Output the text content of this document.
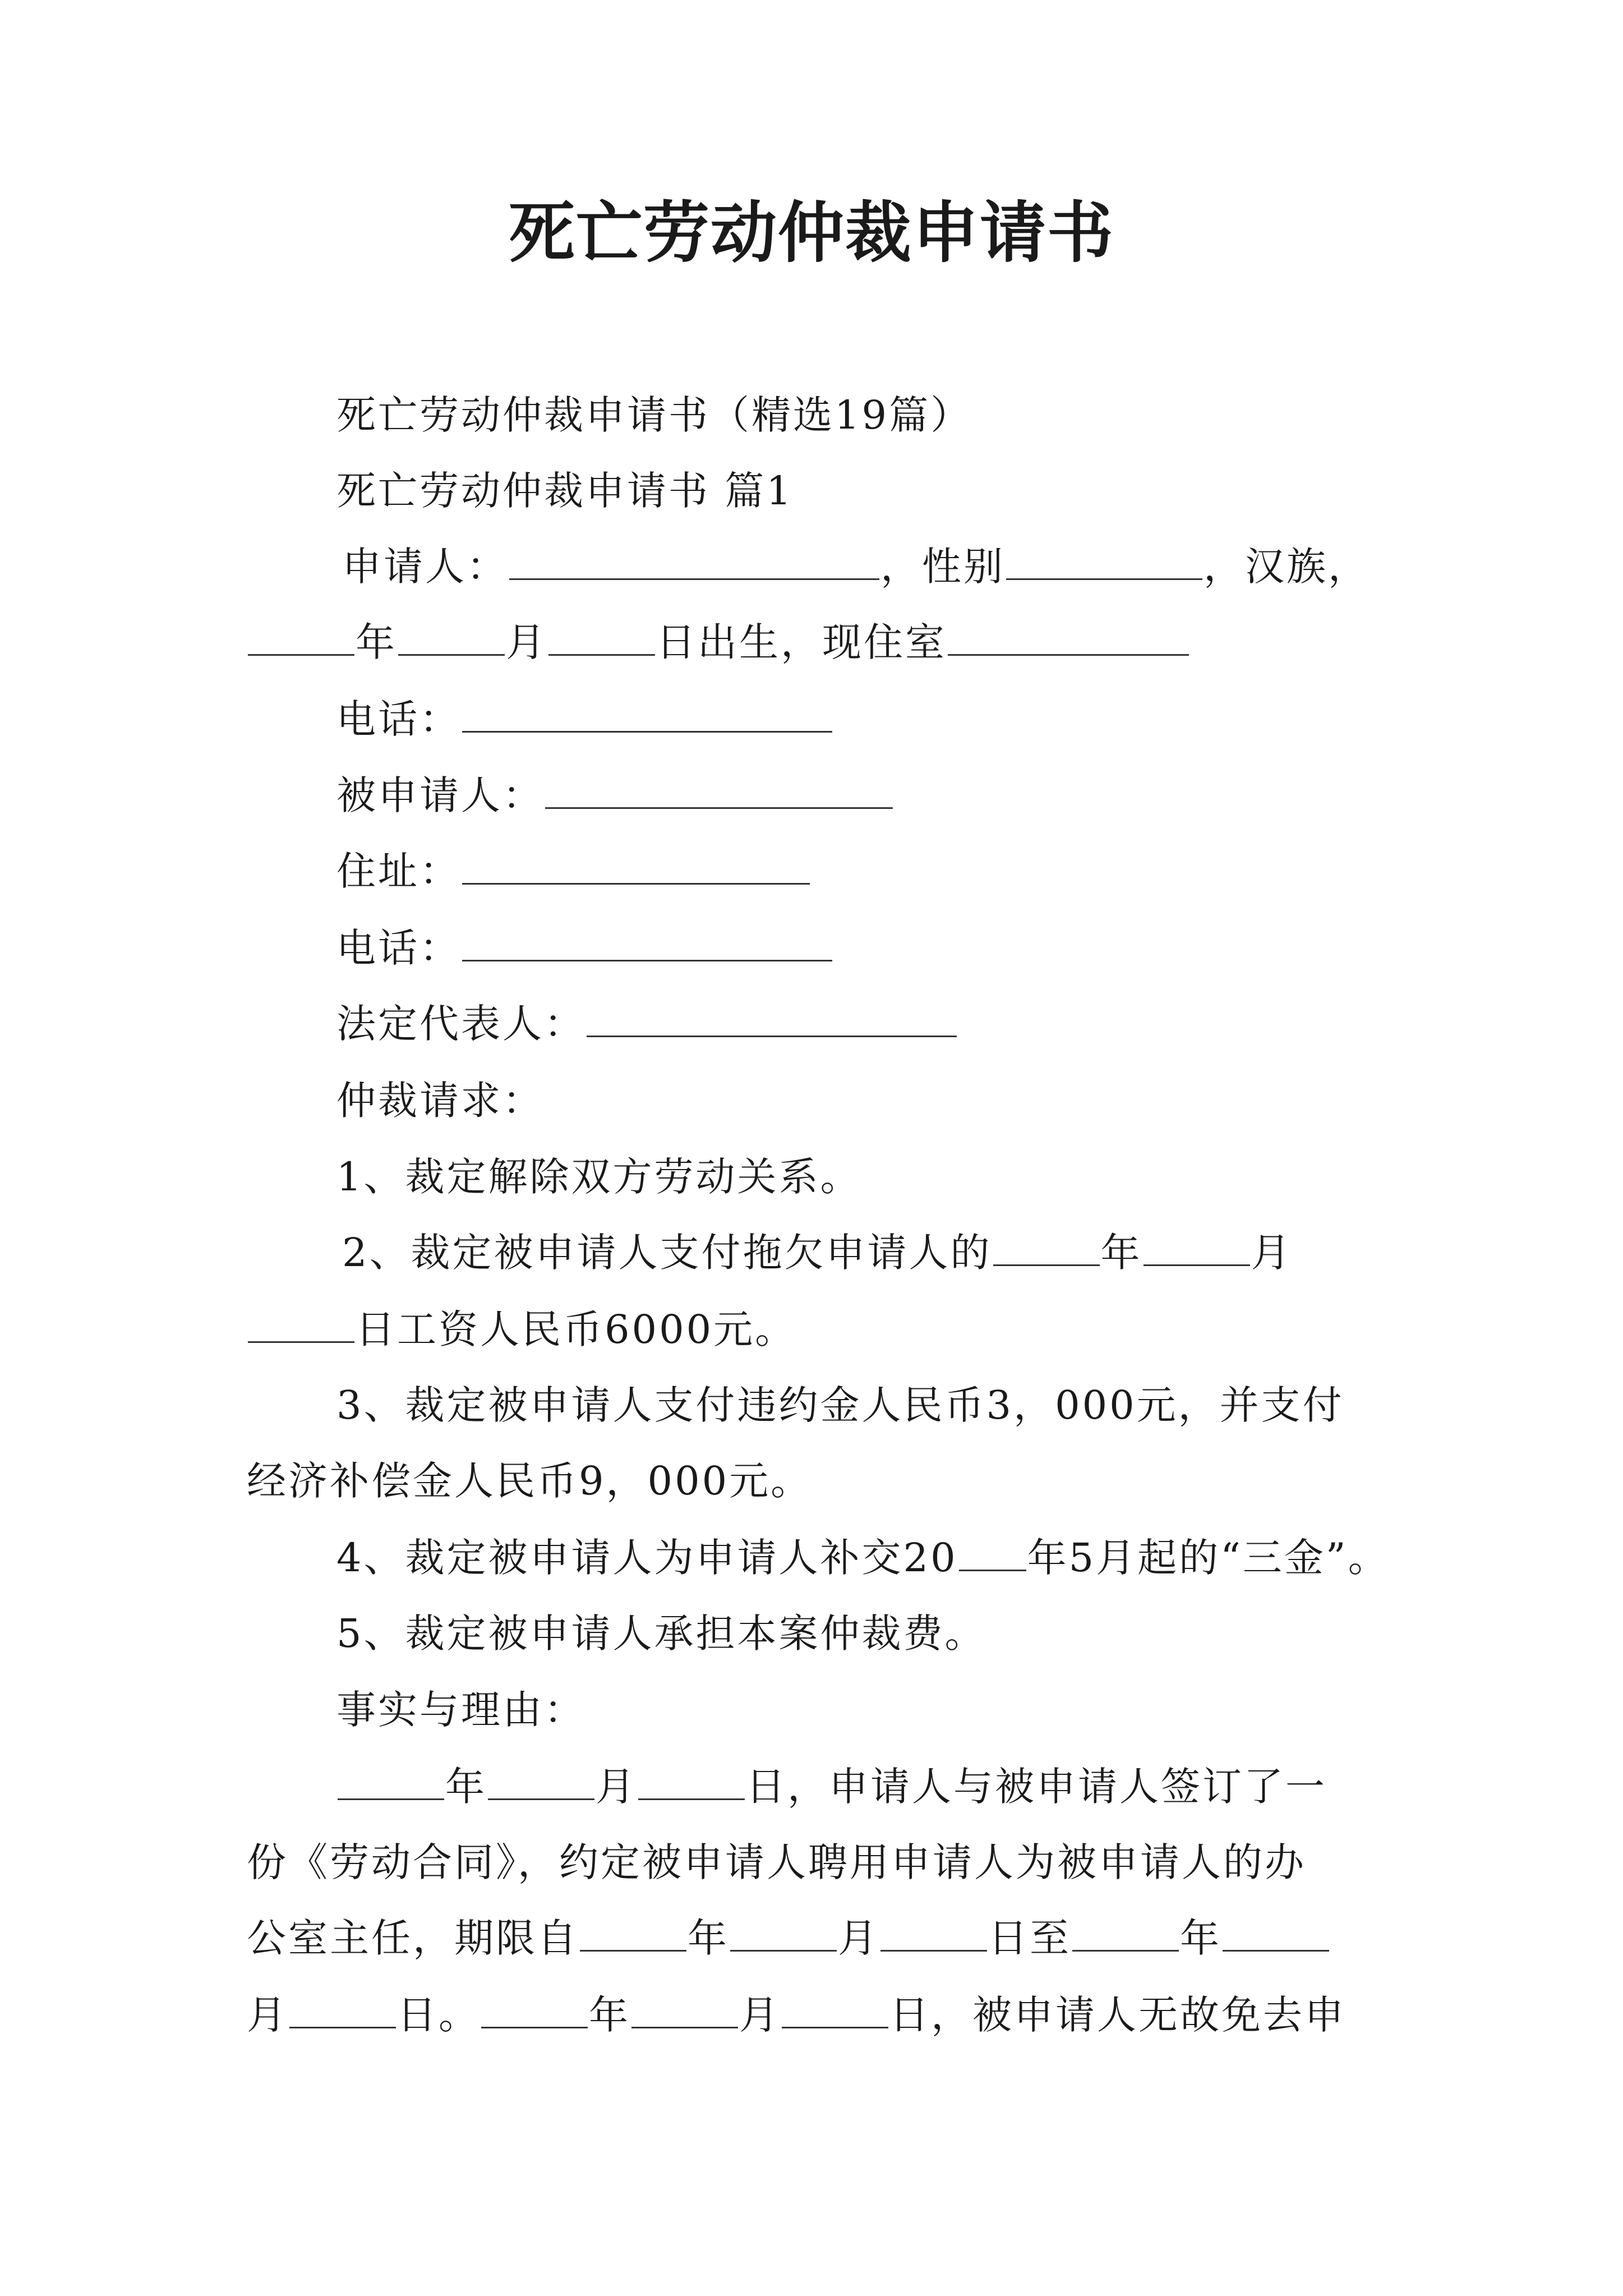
死亡劳动仲裁申请书
死亡劳动仲裁申请书（精选19篇）
死亡劳动仲裁申请书 篇1
申请人：	，性别	，汉族，
年	月	日出生，现住室
电话：
被申请人：
住址：
电话：
法定代表人：
仲裁请求：
1、裁定解除双方劳动关系。
2、裁定被申请人支付拖欠申请人的	年	月
日工资人民币6000元。
3、裁定被申请人支付违约金人民币3，000元，并支付
经济补偿金人民币9，000元。
4、裁定被申请人为申请人补交20 年5月起的“三金”。
5、裁定被申请人承担本案仲裁费。
事实与理由：
年	月	日，申请人与被申请人签订了一
份《劳动合同》，约定被申请人聘用申请人为被申请人的办
公室主任，期限自	年	月	日至	年
月	日。	年	月	日，被申请人无故免去申
